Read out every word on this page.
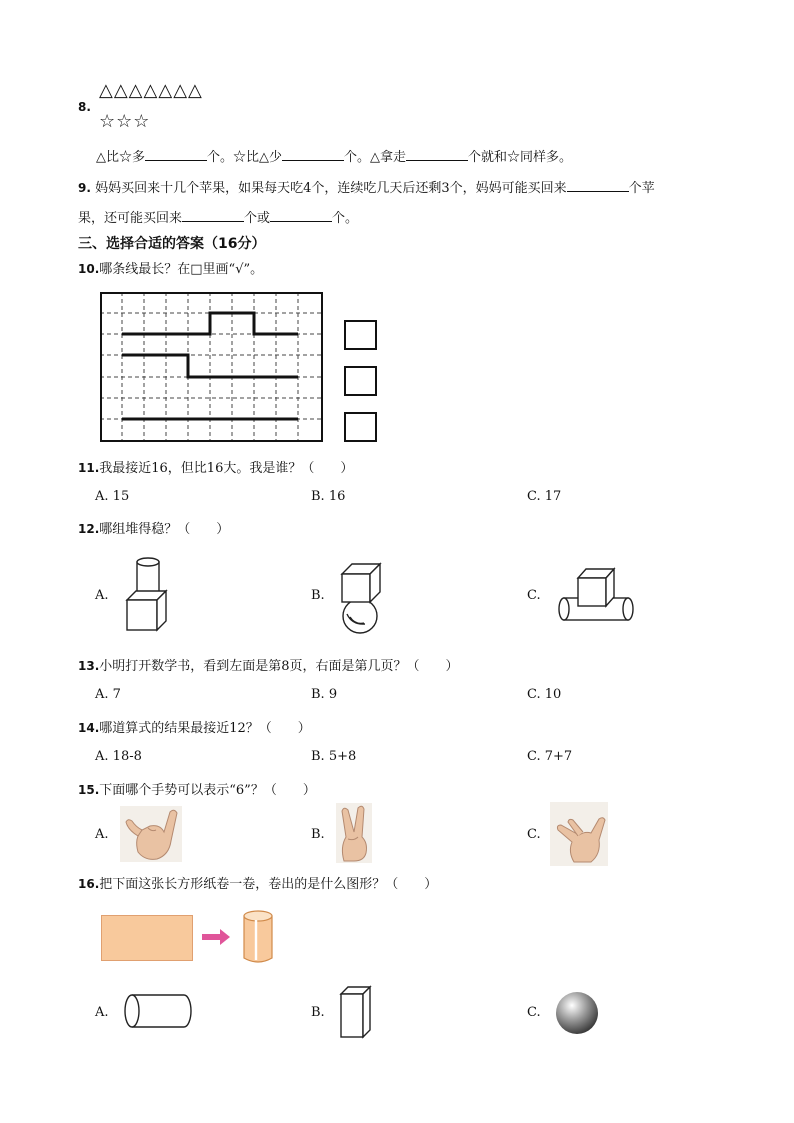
△△△△△△△
8.
☆☆☆
△比☆多	个。☆比△少	个。△拿走	个就和☆同样多。
9. 妈妈买回来十几个苹果，如果每天吃4个，连续吃几天后还剩3个，妈妈可能买回来	个苹
果，还可能买回来	个或	个。
三、选择合适的答案（16分）
10.哪条线最长？在□里画“√”。
11.我最接近16，但比16大。我是谁？（　　）
A. 15	B. 16	C. 17
12.哪组堆得稳？（　　）
A.	B.	C.
13.小明打开数学书，看到左面是第8页，右面是第几页？（　　）
A. 7	B. 9	C. 10
14.哪道算式的结果最接近12？（　　）
A. 18-8	B. 5+8	C. 7+7
15.下面哪个手势可以表示“6”？（　　）
A.	B.	C.
16.把下面这张长方形纸卷一卷，卷出的是什么图形？（　　）
A.	B.	C.
